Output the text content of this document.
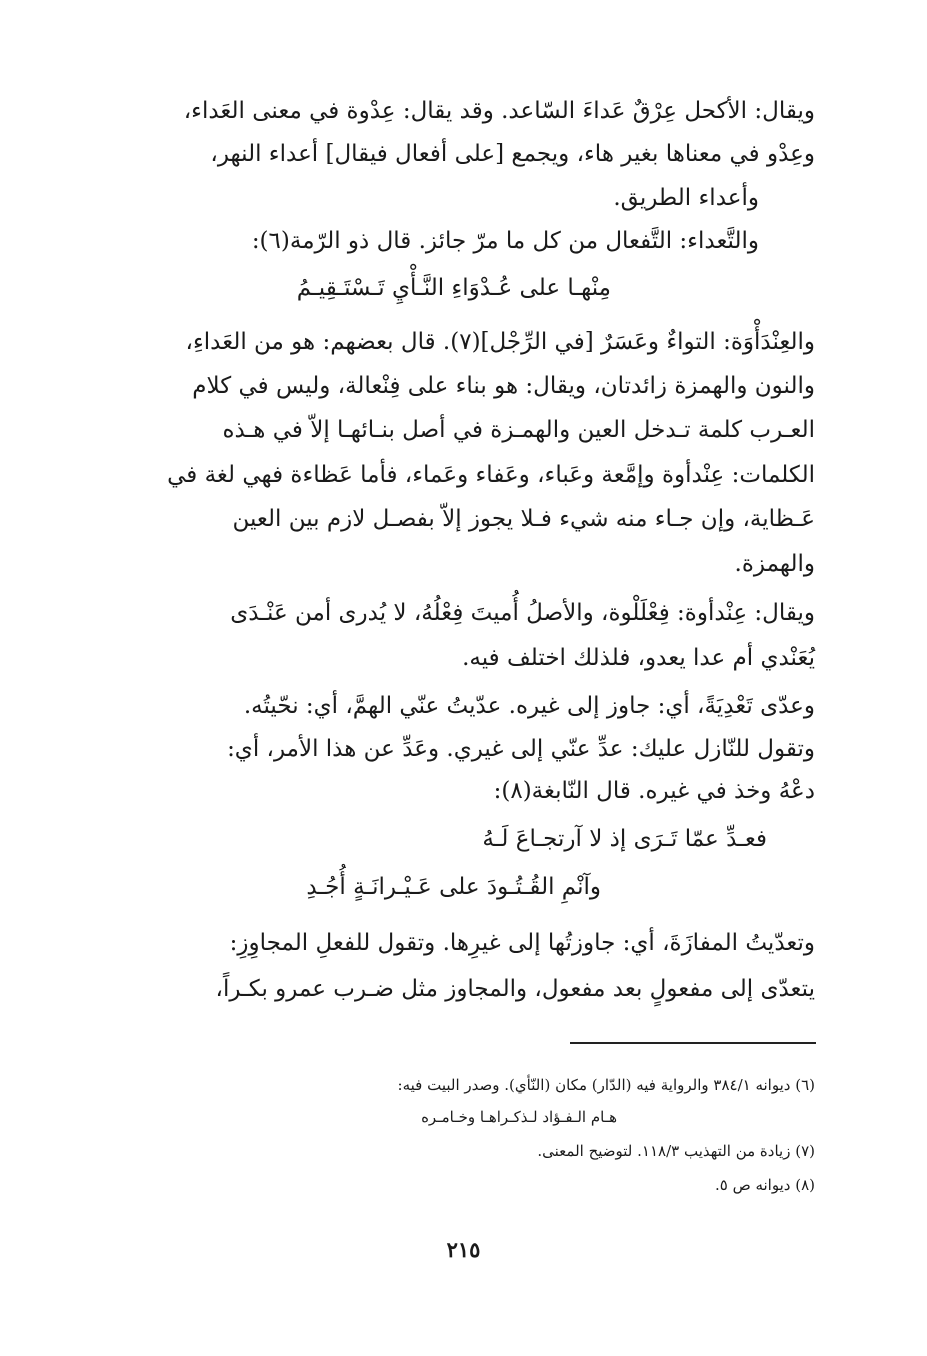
ويقال: الأكحل عِرْقٌ عَداءَ السّاعد. وقد يقال: عِدْوة في معنى العَداء،
وعِدْو في معناها بغير هاء، ويجمع [على أفعال فيقال] أعداء النهر،
وأعداء الطريق.
والتَّعداء: التَّفعال من كل ما مرّ جائز. قال ذو الرّمة(٦):
مِنْهـا على عُـدْوَاءِ النَّـأْيِ تَـسْتَـقِيـمُ
والعِنْدَأْوَة: التواءٌ وعَسَرٌ [في الرِّجْل](٧). قال بعضهم: هو من العَداءِ،
والنون والهمزة زائدتان، ويقال: هو بناء على فِنْعالة، وليس في كلام
العـرب كلمة تـدخل العين والهمـزة في أصل بنـائهـا إلاّ في هـذه
الكلمات: عِنْدأوة وإمَّعة وعَباء، وعَفاء وعَماء، فأما عَظاءة فهي لغة في
عَـظاية، وإن جـاء منه شيء فـلا يجوز إلاّ بفصـل لازم بين العين
والهمزة.
ويقال: عِنْدأوة: فِعْلَلْوة، والأصلُ أُميتَ فِعْلُهُ، لا يُدرى أمن عَنْـدَى
يُعَنْدي أم عدا يعدو، فلذلك اختلف فيه.
وعدّى تَعْدِيَةً، أي: جاوز إلى غيره. عدّيتُ عنّي الهمَّ، أي: نحّيتُه.
وتقول للنّازل عليك: عدِّ عنّي إلى غيري. وعَدِّ عن هذا الأمر، أي:
دعْهُ وخذ في غيره. قال النّابغة(٨):
فعـدِّ عمّا تَـرَى إذ لا آرتجـاعَ لَـهُ
وآنْمِ القُـتُـودَ على عَـيْـرانَـةٍ أُجُـدِ
وتعدّيتُ المفازَةَ، أي: جاوزتُها إلى غيرِها. وتقول للفعلِ المجاوِزِ:
يتعدّى إلى مفعولٍ بعد مفعول، والمجاوز مثل ضـرب عمرو بكـراً،
(٦) ديوانه ٣٨٤/١ والرواية فيه (الدّار) مكان (النّأي). وصدر البيت فيه:
هـام الـفـؤاد لـذكـراهـا وخـامـره
(٧) زيادة من التهذيب ١١٨/٣. لتوضيح المعنى.
(٨) ديوانه ص ٥.
٢١٥
